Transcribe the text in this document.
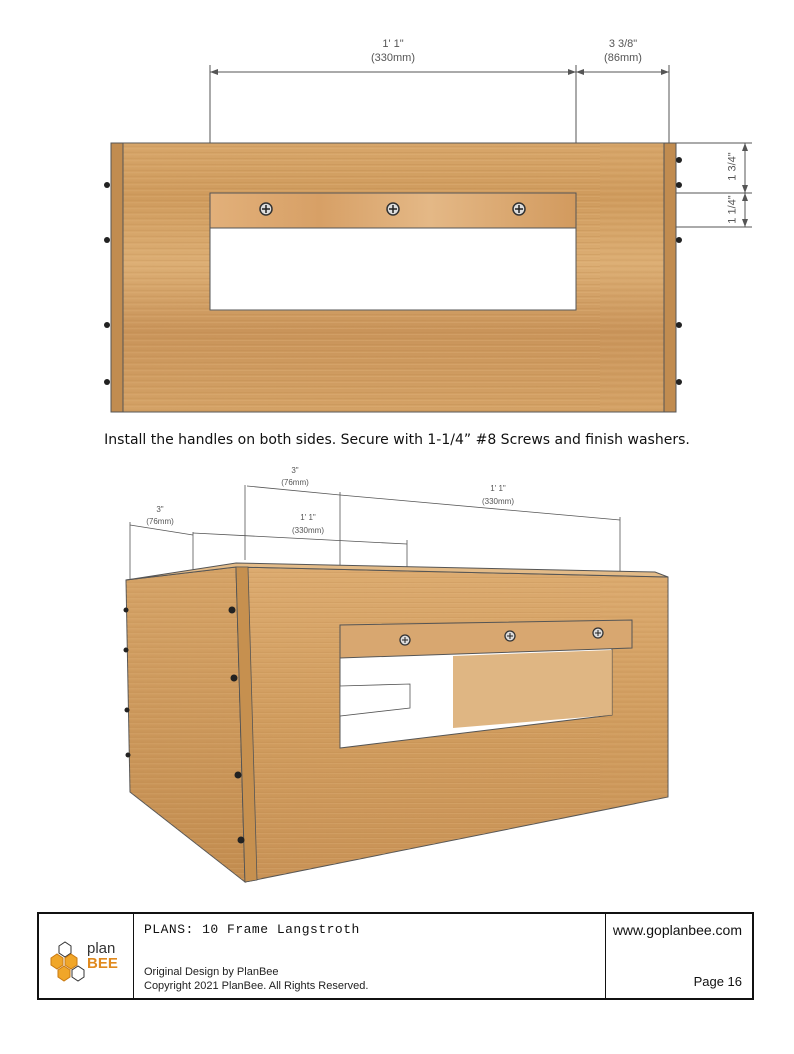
1' 1"
(330mm)
3 3/8"
(86mm)
1 3/4"
1 1/4"
Install the handles on both sides. Secure with 1-1/4” #8 Screws and finish washers.
3"
(76mm)
3"
(76mm)
1' 1"
(330mm)
1' 1"
(330mm)
plan
BEE
PLANS: 10 Frame Langstroth
Original Design by PlanBee
Copyright 2021 PlanBee. All Rights Reserved.
www.goplanbee.com
Page 16
